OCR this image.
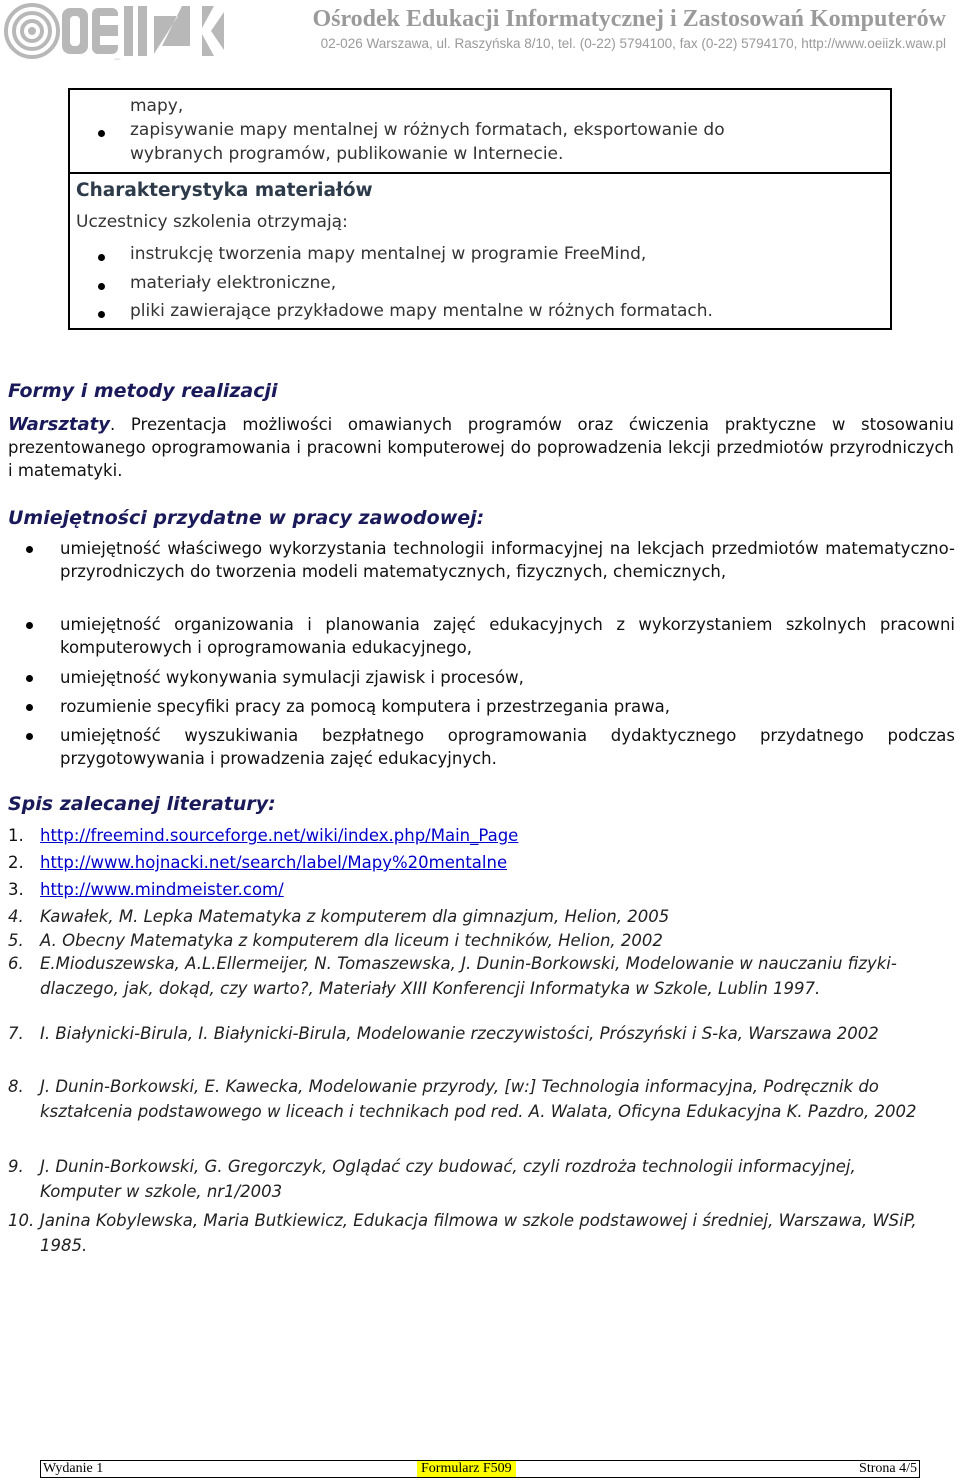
OEIIZK
Ośrodek Edukacji Informatycznej i Zastosowań Komputerów
02-026 Warszawa, ul. Raszyńska 8/10, tel. (0-22) 5794100, fax (0-22) 5794170, http://www.oeiizk.waw.pl
mapy,
zapisywanie mapy mentalnej w różnych formatach, eksportowanie do
wybranych programów, publikowanie w Internecie.
Charakterystyka materiałów
Uczestnicy szkolenia otrzymają:
instrukcję tworzenia mapy mentalnej w programie FreeMind,
materiały elektroniczne,
pliki zawierające przykładowe mapy mentalne w różnych formatach.
Formy i metody realizacji
Warsztaty. Prezentacja możliwości omawianych programów oraz ćwiczenia praktyczne w stosowaniu prezentowanego oprogramowania i pracowni komputerowej do poprowadzenia lekcji przedmiotów przyrodniczych i matematyki.
Umiejętności przydatne w pracy zawodowej:
umiejętność właściwego wykorzystania technologii informacyjnej na lekcjach przedmiotów matematyczno-przyrodniczych do tworzenia modeli matematycznych, fizycznych, chemicznych,
umiejętność organizowania i planowania zajęć edukacyjnych z wykorzystaniem szkolnych pracowni komputerowych i oprogramowania edukacyjnego,
umiejętność wykonywania symulacji zjawisk i procesów,
rozumienie specyfiki pracy za pomocą komputera i przestrzegania prawa,
umiejętność wyszukiwania bezpłatnego oprogramowania dydaktycznego przydatnego podczas przygotowywania i prowadzenia zajęć edukacyjnych.
Spis zalecanej literatury:
1. http://freemind.sourceforge.net/wiki/index.php/Main_Page
2. http://www.hojnacki.net/search/label/Mapy%20mentalne
3. http://www.mindmeister.com/
4. Kawałek, M. Lepka Matematyka z komputerem dla gimnazjum, Helion, 2005
5. A. Obecny Matematyka z komputerem dla liceum i techników, Helion, 2002
6. E.Mioduszewska, A.L.Ellermeijer, N. Tomaszewska, J. Dunin-Borkowski, Modelowanie w nauczaniu fizyki-dlaczego, jak, dokąd, czy warto?, Materiały XIII Konferencji Informatyka w Szkole, Lublin 1997.
7. I. Białynicki-Birula, I. Białynicki-Birula, Modelowanie rzeczywistości, Prószyński i S-ka, Warszawa 2002
8. J. Dunin-Borkowski, E. Kawecka, Modelowanie przyrody, [w:] Technologia informacyjna, Podręcznik do kształcenia podstawowego w liceach i technikach pod red. A. Walata, Oficyna Edukacyjna K. Pazdro, 2002
9. J. Dunin-Borkowski, G. Gregorczyk, Oglądać czy budować, czyli rozdroża technologii informacyjnej, Komputer w szkole, nr1/2003
10. Janina Kobylewska, Maria Butkiewicz, Edukacja filmowa w szkole podstawowej i średniej, Warszawa, WSiP, 1985.
Wydanie 1	Formularz F509	Strona 4/5
